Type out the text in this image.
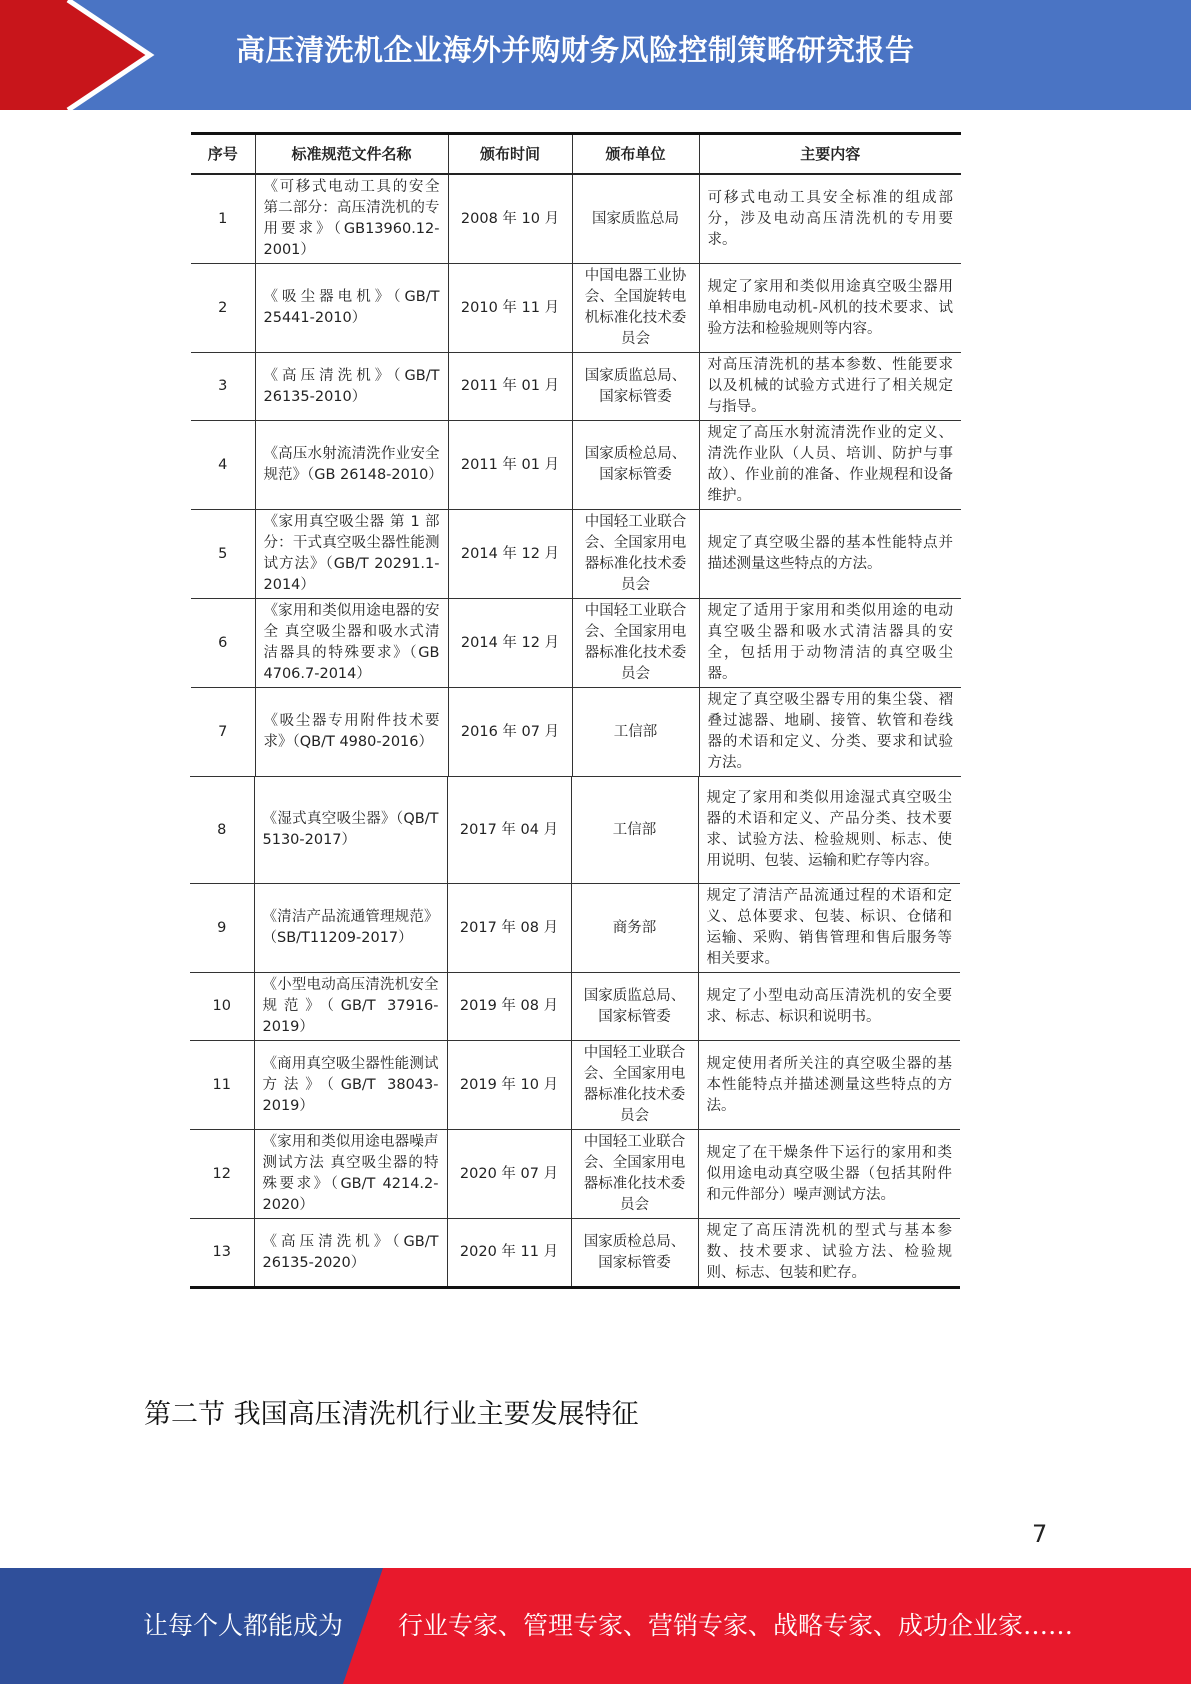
高压清洗机企业海外并购财务风险控制策略研究报告
序号	标准规范文件名称	颁布时间	颁布单位	主要内容
1	《可移式电动工具的安全 第二部分：高压清洗机的专用要求》（GB13960.12-2001）	2008 年 10 月	国家质监总局	可移式电动工具安全标准的组成部分，涉及电动高压清洗机的专用要求。
2	《吸尘器电机》（GB/T 25441-2010）	2010 年 11 月	中国电器工业协会、全国旋转电机标准化技术委员会	规定了家用和类似用途真空吸尘器用单相串励电动机-风机的技术要求、试验方法和检验规则等内容。
3	《高压清洗机》（GB/T 26135-2010）	2011 年 01 月	国家质监总局、国家标管委	对高压清洗机的基本参数、性能要求以及机械的试验方式进行了相关规定与指导。
4	《高压水射流清洗作业安全规范》（GB 26148-2010）	2011 年 01 月	国家质检总局、国家标管委	规定了高压水射流清洗作业的定义、清洗作业队（人员、培训、防护与事故）、作业前的准备、作业规程和设备维护。
5	《家用真空吸尘器 第 1 部分：干式真空吸尘器性能测试方法》（GB/T 20291.1-2014）	2014 年 12 月	中国轻工业联合会、全国家用电器标准化技术委员会	规定了真空吸尘器的基本性能特点并描述测量这些特点的方法。
6	《家用和类似用途电器的安全 真空吸尘器和吸水式清洁器具的特殊要求》（GB 4706.7-2014）	2014 年 12 月	中国轻工业联合会、全国家用电器标准化技术委员会	规定了适用于家用和类似用途的电动真空吸尘器和吸水式清洁器具的安全，包括用于动物清洁的真空吸尘器。
7	《吸尘器专用附件技术要求》（QB/T 4980-2016）	2016 年 07 月	工信部	规定了真空吸尘器专用的集尘袋、褶叠过滤器、地刷、接管、软管和卷线器的术语和定义、分类、要求和试验方法。
8	《湿式真空吸尘器》（QB/T 5130-2017）	2017 年 04 月	工信部	规定了家用和类似用途湿式真空吸尘器的术语和定义、产品分类、技术要求、试验方法、检验规则、标志、使用说明、包装、运输和贮存等内容。
9	《清洁产品流通管理规范》（SB/T11209-2017）	2017 年 08 月	商务部	规定了清洁产品流通过程的术语和定义、总体要求、包装、标识、仓储和运输、采购、销售管理和售后服务等相关要求。
10	《小型电动高压清洗机安全规范》（GB/T 37916-2019）	2019 年 08 月	国家质监总局、国家标管委	规定了小型电动高压清洗机的安全要求、标志、标识和说明书。
11	《商用真空吸尘器性能测试方法》（GB/T 38043-2019）	2019 年 10 月	中国轻工业联合会、全国家用电器标准化技术委员会	规定使用者所关注的真空吸尘器的基本性能特点并描述测量这些特点的方法。
12	《家用和类似用途电器噪声测试方法 真空吸尘器的特殊要求》（GB/T 4214.2-2020）	2020 年 07 月	中国轻工业联合会、全国家用电器标准化技术委员会	规定了在干燥条件下运行的家用和类似用途电动真空吸尘器（包括其附件和元件部分）噪声测试方法。
13	《高压清洗机》（GB/T 26135-2020）	2020 年 11 月	国家质检总局、国家标管委	规定了高压清洗机的型式与基本参数、技术要求、试验方法、检验规则、标志、包装和贮存。
第二节 我国高压清洗机行业主要发展特征
7
让每个人都能成为 行业专家、管理专家、营销专家、战略专家、成功企业家……
